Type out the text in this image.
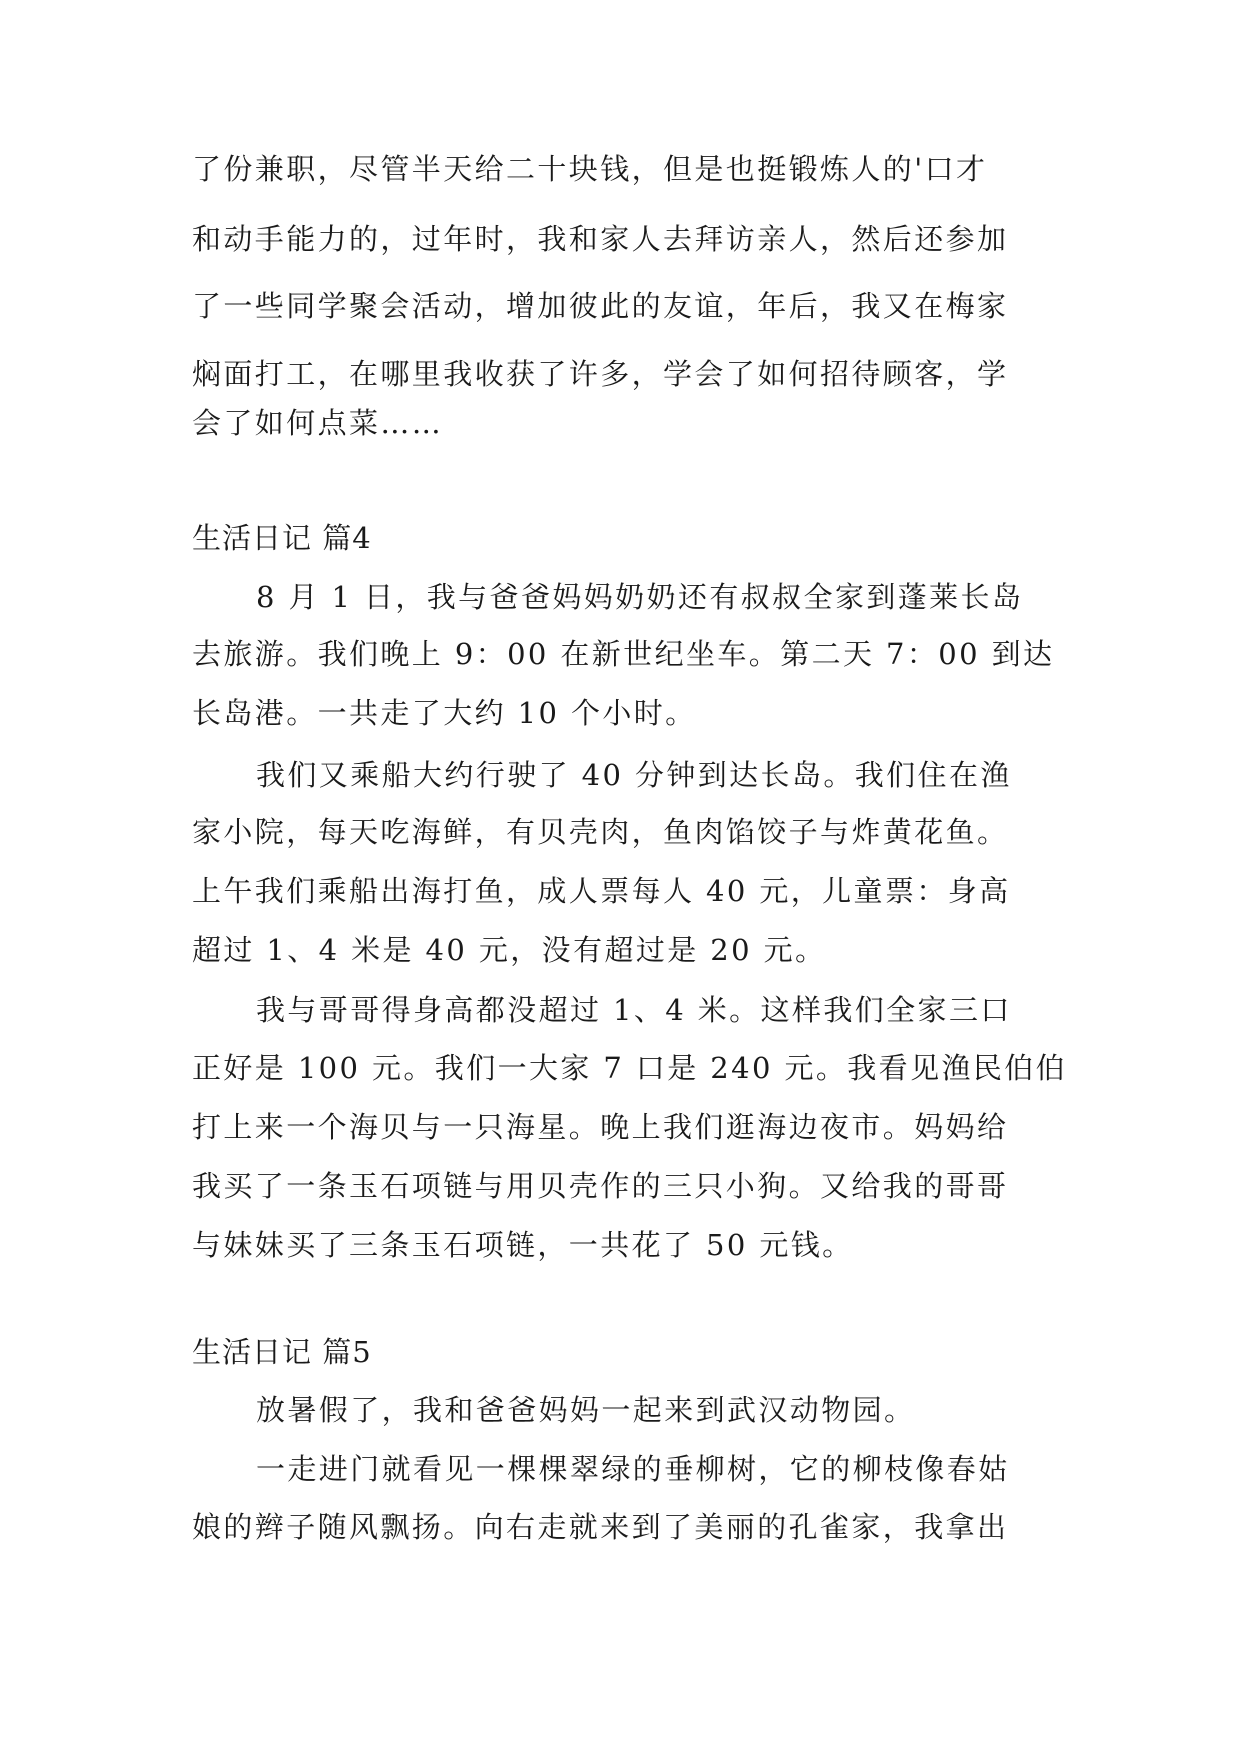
了份兼职，尽管半天给二十块钱，但是也挺锻炼人的'口才

和动手能力的，过年时，我和家人去拜访亲人，然后还参加

了一些同学聚会活动，增加彼此的友谊，年后，我又在梅家

焖面打工，在哪里我收获了许多，学会了如何招待顾客，学

会了如何点菜……

生活日记 篇4

8 月 1 日，我与爸爸妈妈奶奶还有叔叔全家到蓬莱长岛

去旅游。我们晚上 9：00 在新世纪坐车。第二天 7：00 到达

长岛港。一共走了大约 10 个小时。

我们又乘船大约行驶了 40 分钟到达长岛。我们住在渔

家小院，每天吃海鲜，有贝壳肉，鱼肉馅饺子与炸黄花鱼。

上午我们乘船出海打鱼，成人票每人 40 元，儿童票：身高

超过 1、4 米是 40 元，没有超过是 20 元。

我与哥哥得身高都没超过 1、4 米。这样我们全家三口

正好是 100 元。我们一大家 7 口是 240 元。我看见渔民伯伯

打上来一个海贝与一只海星。晚上我们逛海边夜市。妈妈给

我买了一条玉石项链与用贝壳作的三只小狗。又给我的哥哥

与妹妹买了三条玉石项链，一共花了 50 元钱。

生活日记 篇5

放暑假了，我和爸爸妈妈一起来到武汉动物园。

一走进门就看见一棵棵翠绿的垂柳树，它的柳枝像春姑

娘的辫子随风飘扬。向右走就来到了美丽的孔雀家，我拿出
